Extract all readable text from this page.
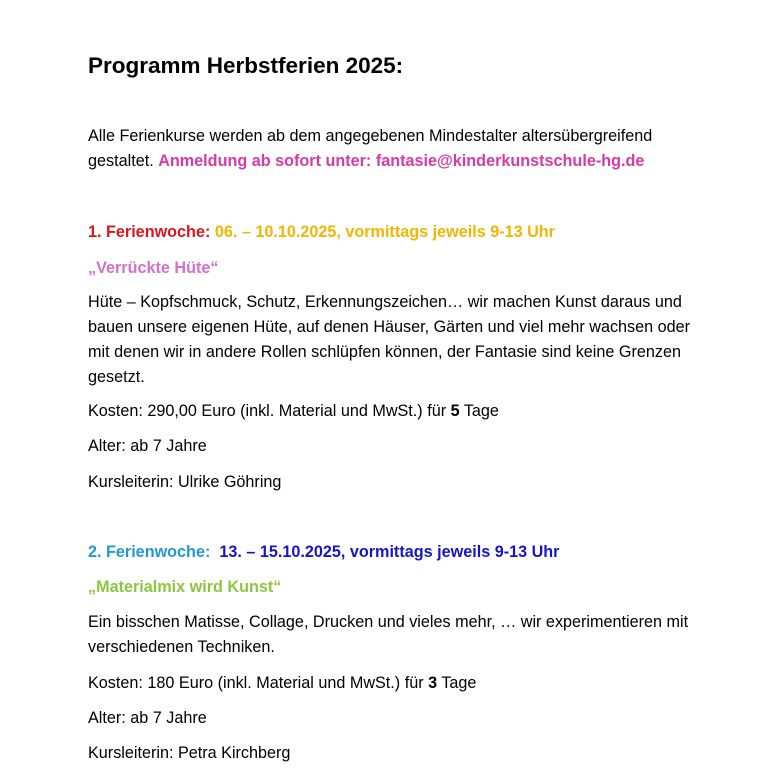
Programm Herbstferien 2025:

Alle Ferienkurse werden ab dem angegebenen Mindestalter altersübergreifend gestaltet. Anmeldung ab sofort unter: fantasie@kinderkunstschule-hg.de

1. Ferienwoche: 06. – 10.10.2025, vormittags jeweils 9-13 Uhr

„Verrückte Hüte“

Hüte – Kopfschmuck, Schutz, Erkennungszeichen… wir machen Kunst daraus und bauen unsere eigenen Hüte, auf denen Häuser, Gärten und viel mehr wachsen oder mit denen wir in andere Rollen schlüpfen können, der Fantasie sind keine Grenzen gesetzt.

Kosten: 290,00 Euro (inkl. Material und MwSt.) für 5 Tage

Alter: ab 7 Jahre

Kursleiterin: Ulrike Göhring

2. Ferienwoche:  13. – 15.10.2025, vormittags jeweils 9-13 Uhr

„Materialmix wird Kunst“

Ein bisschen Matisse, Collage, Drucken und vieles mehr, … wir experimentieren mit verschiedenen Techniken.

Kosten: 180 Euro (inkl. Material und MwSt.) für 3 Tage

Alter: ab 7 Jahre

Kursleiterin: Petra Kirchberg
